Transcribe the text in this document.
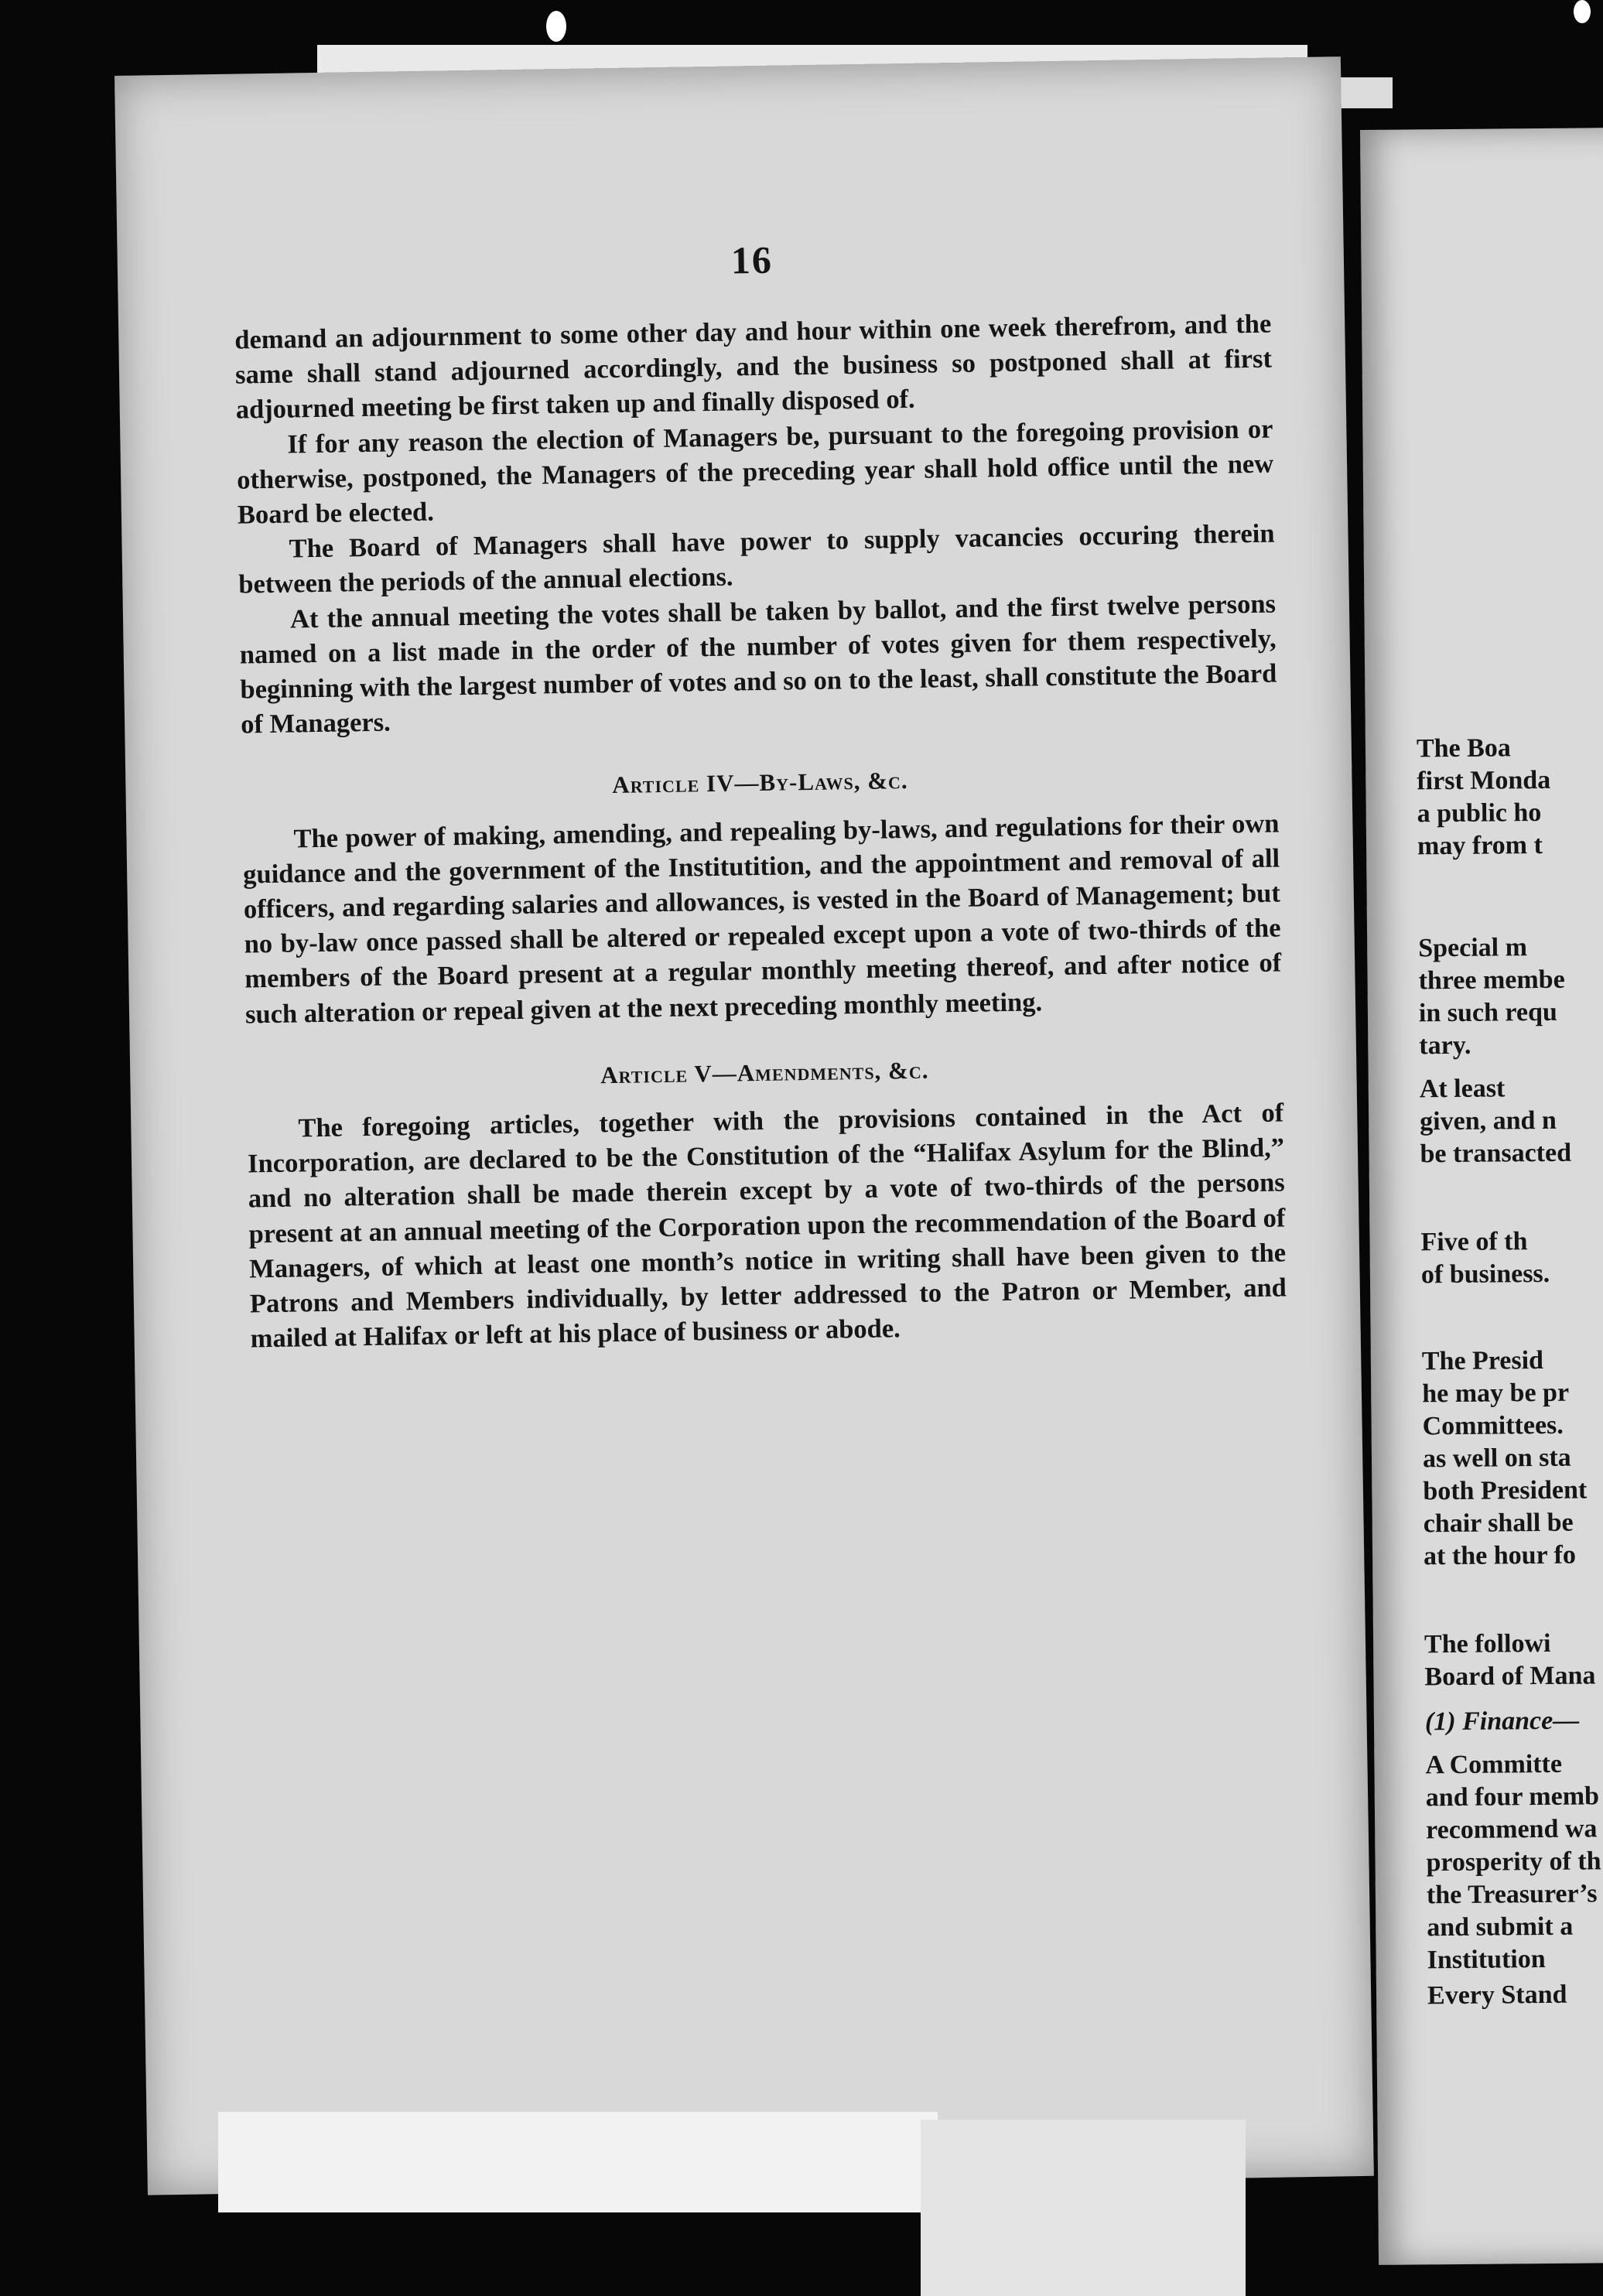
The Boa
first Monda
a public ho
may from t
Special m
three membe
in such requ
tary.
At least
given, and n
be transacted
Five of th
of business.
The Presid
he may be pr
Committees.
as well on sta
both President
chair shall be
at the hour fo
The followi
Board of Mana
(1) Finance—
A Committe
and four memb
recommend wa
prosperity of th
the Treasurer’s
and submit a
Institution
Every Stand
16

demand an adjournment to some other day and hour within one week therefrom, and the same shall stand adjourned accordingly, and the business so postponed shall at first adjourned meeting be first taken up and finally disposed of.

If for any reason the election of Managers be, pursuant to the foregoing provision or otherwise, postponed, the Managers of the preceding year shall hold office until the new Board be elected.

The Board of Managers shall have power to supply vacancies occuring therein between the periods of the annual elections.

At the annual meeting the votes shall be taken by ballot, and the first twelve persons named on a list made in the order of the number of votes given for them respectively, beginning with the largest number of votes and so on to the least, shall constitute the Board of Managers.

Article IV—By-Laws, &c.

The power of making, amending, and repealing by-laws, and regulations for their own guidance and the government of the Institutition, and the appointment and removal of all officers, and regarding salaries and allowances, is vested in the Board of Management; but no by-law once passed shall be altered or repealed except upon a vote of two-thirds of the members of the Board present at a regular monthly meeting thereof, and after notice of such alteration or repeal given at the next preceding monthly meeting.

Article V—Amendments, &c.

The foregoing articles, together with the provisions contained in the Act of Incorporation, are declared to be the Constitution of the “Halifax Asylum for the Blind,” and no alteration shall be made therein except by a vote of two-thirds of the persons present at an annual meeting of the Corporation upon the recommendation of the Board of Managers, of which at least one month’s notice in writing shall have been given to the Patrons and Members individually, by letter addressed to the Patron or Member, and mailed at Halifax or left at his place of business or abode.
